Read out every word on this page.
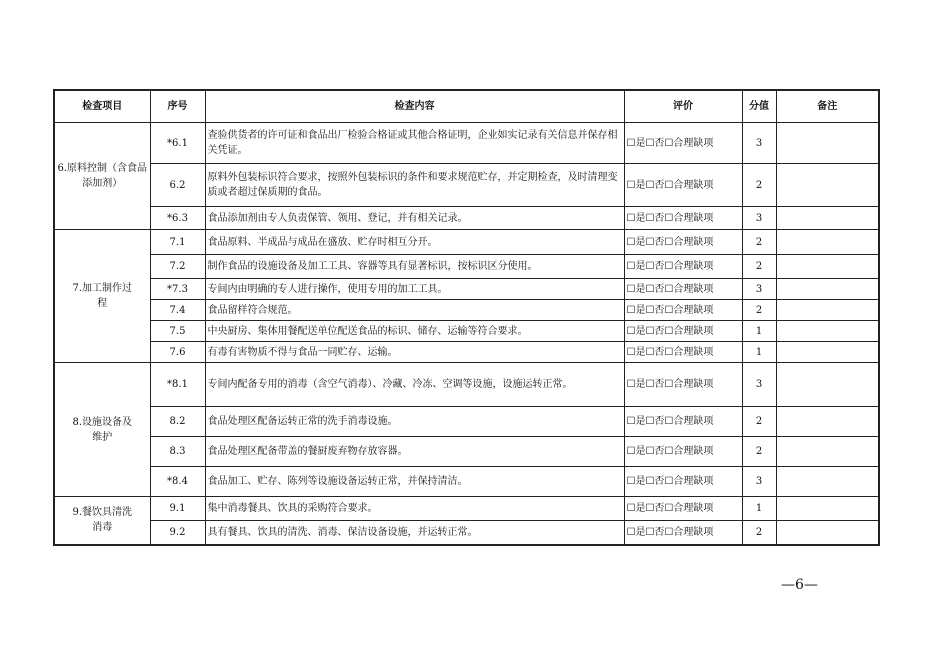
检查项目	序号	检查内容	评价	分值	备注
6.原料控制（含食品添加剂）	*6.1	查验供货者的许可证和食品出厂检验合格证或其他合格证明，企业如实记录有关信息并保存相关凭证。	☐是☐否☐合理缺项	3	
	6.2	原料外包装标识符合要求，按照外包装标识的条件和要求规范贮存，并定期检查，及时清理变质或者超过保质期的食品。	☐是☐否☐合理缺项	2	
	*6.3	食品添加剂由专人负责保管、领用、登记，并有相关记录。	☐是☐否☐合理缺项	3	
7.加工制作过程	7.1	食品原料、半成品与成品在盛放、贮存时相互分开。	☐是☐否☐合理缺项	2	
	7.2	制作食品的设施设备及加工工具、容器等具有显著标识，按标识区分使用。	☐是☐否☐合理缺项	2	
	*7.3	专间内由明确的专人进行操作，使用专用的加工工具。	☐是☐否☐合理缺项	3	
	7.4	食品留样符合规范。	☐是☐否☐合理缺项	2	
	7.5	中央厨房、集体用餐配送单位配送食品的标识、储存、运输等符合要求。	☐是☐否☐合理缺项	1	
	7.6	有毒有害物质不得与食品一同贮存、运输。	☐是☐否☐合理缺项	1	
8.设施设备及维护	*8.1	专间内配备专用的消毒（含空气消毒）、冷藏、冷冻、空调等设施，设施运转正常。	☐是☐否☐合理缺项	3	
	8.2	食品处理区配备运转正常的洗手消毒设施。	☐是☐否☐合理缺项	2	
	8.3	食品处理区配备带盖的餐厨废弃物存放容器。	☐是☐否☐合理缺项	2	
	*8.4	食品加工、贮存、陈列等设施设备运转正常，并保持清洁。	☐是☐否☐合理缺项	3	
9.餐饮具清洗消毒	9.1	集中消毒餐具、饮具的采购符合要求。	☐是☐否☐合理缺项	1	
	9.2	具有餐具、饮具的清洗、消毒、保洁设备设施，并运转正常。	☐是☐否☐合理缺项	2	
—6—
